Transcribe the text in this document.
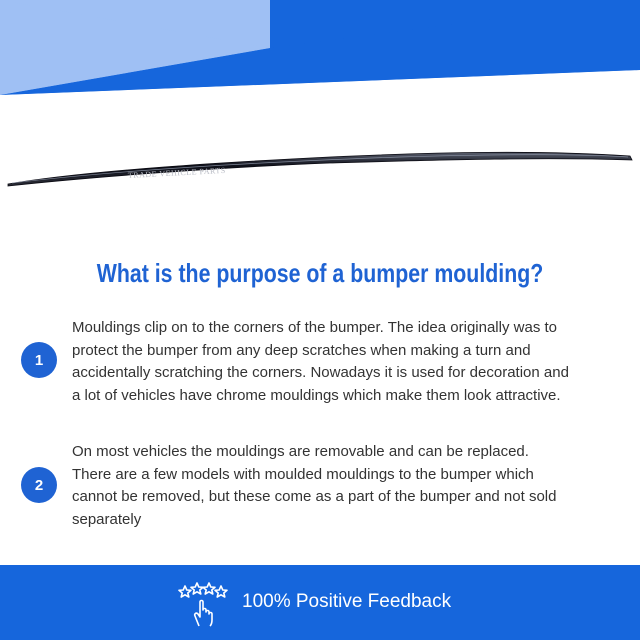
TRADE VEHICLE PARTS
What is the purpose of a bumper moulding?
1
Mouldings clip on to the corners of the bumper. The idea originally was to
protect the bumper from any deep scratches when making a turn and
accidentally scratching the corners. Nowadays it is used for decoration and
a lot of vehicles have chrome mouldings which make them look attractive.
2
On most vehicles the mouldings are removable and can be replaced.
There are a few models with moulded mouldings to the bumper which
cannot be removed, but these come as a part of the bumper and not sold
separately
100% Positive Feedback
